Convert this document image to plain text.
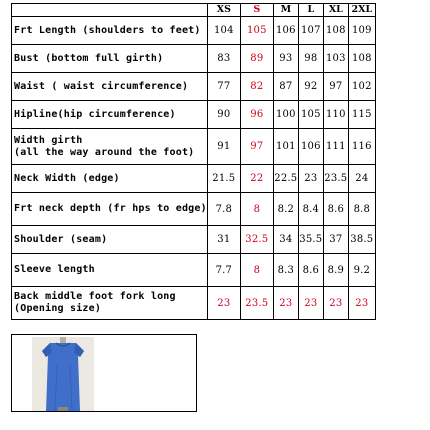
	XS	S	M	L	XL	2XL

Frt Length (shoulders to feet)	104	105	106	107	108	109

Bust (bottom full girth)	83	89	93	98	103	108

Waist ( waist circumference)	77	82	87	92	97	102

Hipline(hip circumference)	90	96	100	105	110	115

Width girth
(all the way around the foot)	91	97	101	106	111	116

Neck Width (edge)	21.5	22	22.5	23	23.5	24

Frt neck depth (fr hps to edge)	7.8	8	8.2	8.4	8.6	8.8

Shoulder (seam)	31	32.5	34	35.5	37	38.5

Sleeve length	7.7	8	8.3	8.6	8.9	9.2

Back middle foot fork long
(Opening size)	23	23.5	23	23	23	23
